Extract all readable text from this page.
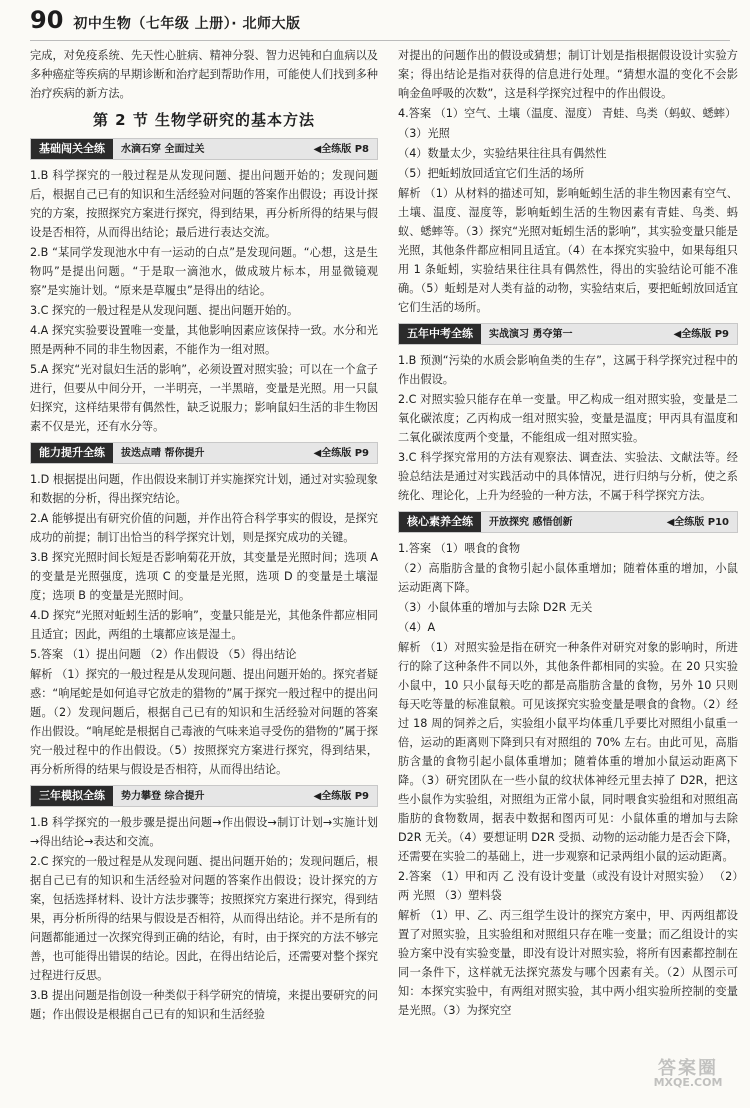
90 初中生物（七年级 上册）· 北师大版

完成，对免疫系统、先天性心脏病、精神分裂、智力迟钝和白血病以及多种癌症等疾病的早期诊断和治疗起到帮助作用，可能使人们找到多种治疗疾病的新方法。

第 2 节 生物学研究的基本方法
基础闯关全练	水滴石穿 全面过关	◀全练版 P8

1.B 科学探究的一般过程是从发现问题、提出问题开始的；发现问题后，根据自己已有的知识和生活经验对问题的答案作出假设；再设计探究的方案，按照探究方案进行探究，得到结果，再分析所得的结果与假设是否相符，从而得出结论；最后进行表达交流。

2.B “某同学发现池水中有一运动的白点”是发现问题。“心想，这是生物吗”是提出问题。“于是取一滴池水，做成玻片标本，用显微镜观察”是实施计划。“原来是草履虫”是得出的结论。

3.C 探究的一般过程是从发现问题、提出问题开始的。

4.A 探究实验要设置唯一变量，其他影响因素应该保持一致。水分和光照是两种不同的非生物因素，不能作为一组对照。

5.A 探究“光对鼠妇生活的影响”，必须设置对照实验；可以在一个盒子进行，但要从中间分开，一半明亮，一半黑暗，变量是光照。用一只鼠妇探究，这样结果带有偶然性，缺乏说服力；影响鼠妇生活的非生物因素不仅是光，还有水分等。

能力提升全练	拔迭点晴 帮你提升	◀全练版 P9

1.D 根据提出问题，作出假设来制订并实施探究计划，通过对实验现象和数据的分析，得出探究结论。

2.A 能够提出有研究价值的问题，并作出符合科学事实的假设，是探究成功的前提；制订出恰当的科学探究计划，则是探究成功的关键。

3.B 探究光照时间长短是否影响菊花开放，其变量是光照时间；选项 A 的变量是光照强度，选项 C 的变量是光照，选项 D 的变量是土壤湿度；选项 B 的变量是光照时间。

4.D 探究“光照对蚯蚓生活的影响”，变量只能是光，其他条件都应相同且适宜；因此，两组的土壤都应该是湿土。

5.答案 （1）提出问题 （2）作出假设 （5）得出结论

解析 （1）探究的一般过程是从发现问题、提出问题开始的。探究者疑惑：“响尾蛇是如何追寻它放走的猎物的”属于探究一般过程中的提出问题。（2）发现问题后，根据自己已有的知识和生活经验对问题的答案作出假设。“响尾蛇是根据自己毒液的气味来追寻受伤的猎物的”属于探究一般过程中的作出假设。（5）按照探究方案进行探究，得到结果，再分析所得的结果与假设是否相符，从而得出结论。

三年模拟全练	势力攀登 综合提升	◀全练版 P9

1.B 科学探究的一般步骤是提出问题→作出假设→制订计划→实施计划→得出结论→表达和交流。

2.C 探究的一般过程是从发现问题、提出问题开始的；发现问题后，根据自己已有的知识和生活经验对问题的答案作出假设；设计探究的方案，包括选择材料、设计方法步骤等；按照探究方案进行探究，得到结果，再分析所得的结果与假设是否相符，从而得出结论。并不是所有的问题都能通过一次探究得到正确的结论，有时，由于探究的方法不够完善，也可能得出错误的结论。因此，在得出结论后，还需要对整个探究过程进行反思。

3.B 提出问题是指创设一种类似于科学研究的情境，来提出要研究的问题；作出假设是根据自己已有的知识和生活经验

对提出的问题作出的假设或猜想；制订计划是指根据假设设计实验方案；得出结论是指对获得的信息进行处理。“猜想水温的变化不会影响金鱼呼吸的次数”，这是科学探究过程中的作出假设。

4.答案 （1）空气、土壤（温度、湿度） 青蛙、鸟类（蚂蚁、蟋蟀）

（3）光照

（4）数量太少，实验结果往往具有偶然性

（5）把蚯蚓放回适宜它们生活的场所

解析 （1）从材料的描述可知，影响蚯蚓生活的非生物因素有空气、土壤、温度、湿度等，影响蚯蚓生活的生物因素有青蛙、鸟类、蚂蚁、蟋蟀等。（3）探究“光照对蚯蚓生活的影响”，其实验变量只能是光照，其他条件都应相同且适宜。（4）在本探究实验中，如果每组只用 1 条蚯蚓，实验结果往往具有偶然性，得出的实验结论可能不准确。（5）蚯蚓是对人类有益的动物，实验结束后，要把蚯蚓放回适宜它们生活的场所。

五年中考全练	实战演习 勇夺第一	◀全练版 P9

1.B 预测“污染的水质会影响鱼类的生存”，这属于科学探究过程中的作出假设。

2.C 对照实验只能存在单一变量。甲乙构成一组对照实验，变量是二氧化碳浓度；乙丙构成一组对照实验，变量是温度；甲丙具有温度和二氧化碳浓度两个变量，不能组成一组对照实验。

3.C 科学探究常用的方法有观察法、调查法、实验法、文献法等。经验总结法是通过对实践活动中的具体情况，进行归纳与分析，使之系统化、理论化，上升为经验的一种方法，不属于科学探究方法。

核心素养全练	开放探究 感悟创新	◀全练版 P10

1.答案 （1）喂食的食物

（2）高脂肪含量的食物引起小鼠体重增加；随着体重的增加，小鼠运动距离下降。

（3）小鼠体重的增加与去除 D2R 无关

（4）A

解析 （1）对照实验是指在研究一种条件对研究对象的影响时，所进行的除了这种条件不同以外，其他条件都相同的实验。在 20 只实验小鼠中，10 只小鼠每天吃的都是高脂肪含量的食物，另外 10 只则每天吃等量的标准鼠粮。可见该探究实验变量是喂食的食物。（2）经过 18 周的饲养之后，实验组小鼠平均体重几乎要比对照组小鼠重一倍，运动的距离则下降到只有对照组的 70% 左右。由此可见，高脂肪含量的食物引起小鼠体重增加；随着体重的增加小鼠运动距离下降。（3）研究团队在一些小鼠的纹状体神经元里去掉了 D2R，把这些小鼠作为实验组，对照组为正常小鼠，同时喂食实验组和对照组高脂肪的食物数周，据表中数据和图丙可见：小鼠体重的增加与去除 D2R 无关。（4）要想证明 D2R 受损、动物的运动能力是否会下降，还需要在实验二的基础上，进一步观察和记录两组小鼠的运动距离。

2.答案 （1）甲和丙 乙 没有设计变量（或没有设计对照实验） （2）两 光照 （3）塑料袋

解析 （1）甲、乙、丙三组学生设计的探究方案中，甲、丙两组都设置了对照实验，且实验组和对照组只存在唯一变量；而乙组设计的实验方案中没有实验变量，即没有设计对照实验，将所有因素都控制在同一条件下，这样就无法探究蒸发与哪个因素有关。（2）从图示可知：本探究实验中，有两组对照实验，其中两小组实验所控制的变量是光照。（3）为探究空

答案圈
MXQE.COM
